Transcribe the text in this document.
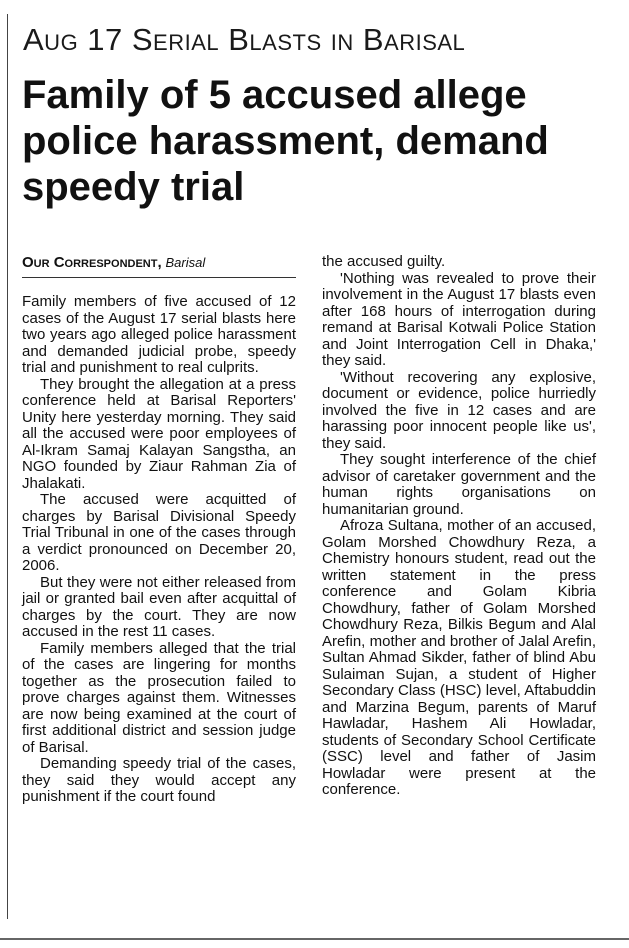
Aug 17 Serial Blasts in Barisal
Family of 5 accused allege police harassment, demand speedy trial
Our Correspondent, Barisal

Family members of five accused of 12 cases of the August 17 serial blasts here two years ago alleged police harassment and demanded judicial probe, speedy trial and punishment to real culprits.

They brought the allegation at a press conference held at Barisal Reporters' Unity here yesterday morning. They said all the accused were poor employees of Al-Ikram Samaj Kalayan Sangstha, an NGO founded by Ziaur Rahman Zia of Jhalakati.

The accused were acquitted of charges by Barisal Divisional Speedy Trial Tribunal in one of the cases through a verdict pronounced on December 20, 2006.

But they were not either released from jail or granted bail even after acquittal of charges by the court. They are now accused in the rest 11 cases.

Family members alleged that the trial of the cases are lingering for months together as the prosecution failed to prove charges against them. Witnesses are now being examined at the court of first additional district and session judge of Barisal.

Demanding speedy trial of the cases, they said they would accept any punishment if the court found

the accused guilty.

'Nothing was revealed to prove their involvement in the August 17 blasts even after 168 hours of interrogation during remand at Barisal Kotwali Police Station and Joint Interrogation Cell in Dhaka,' they said.

'Without recovering any explosive, document or evidence, police hurriedly involved the five in 12 cases and are harassing poor innocent people like us', they said.

They sought interference of the chief advisor of caretaker government and the human rights organisations on humanitarian ground.

Afroza Sultana, mother of an accused, Golam Morshed Chowdhury Reza, a Chemistry honours student, read out the written statement in the press conference and Golam Kibria Chowdhury, father of Golam Morshed Chowdhury Reza, Bilkis Begum and Alal Arefin, mother and brother of Jalal Arefin, Sultan Ahmad Sikder, father of blind Abu Sulaiman Sujan, a student of Higher Secondary Class (HSC) level, Aftabuddin and Marzina Begum, parents of Maruf Hawladar, Hashem Ali Howladar, students of Secondary School Certificate (SSC) level and father of Jasim Howladar were present at the conference.
